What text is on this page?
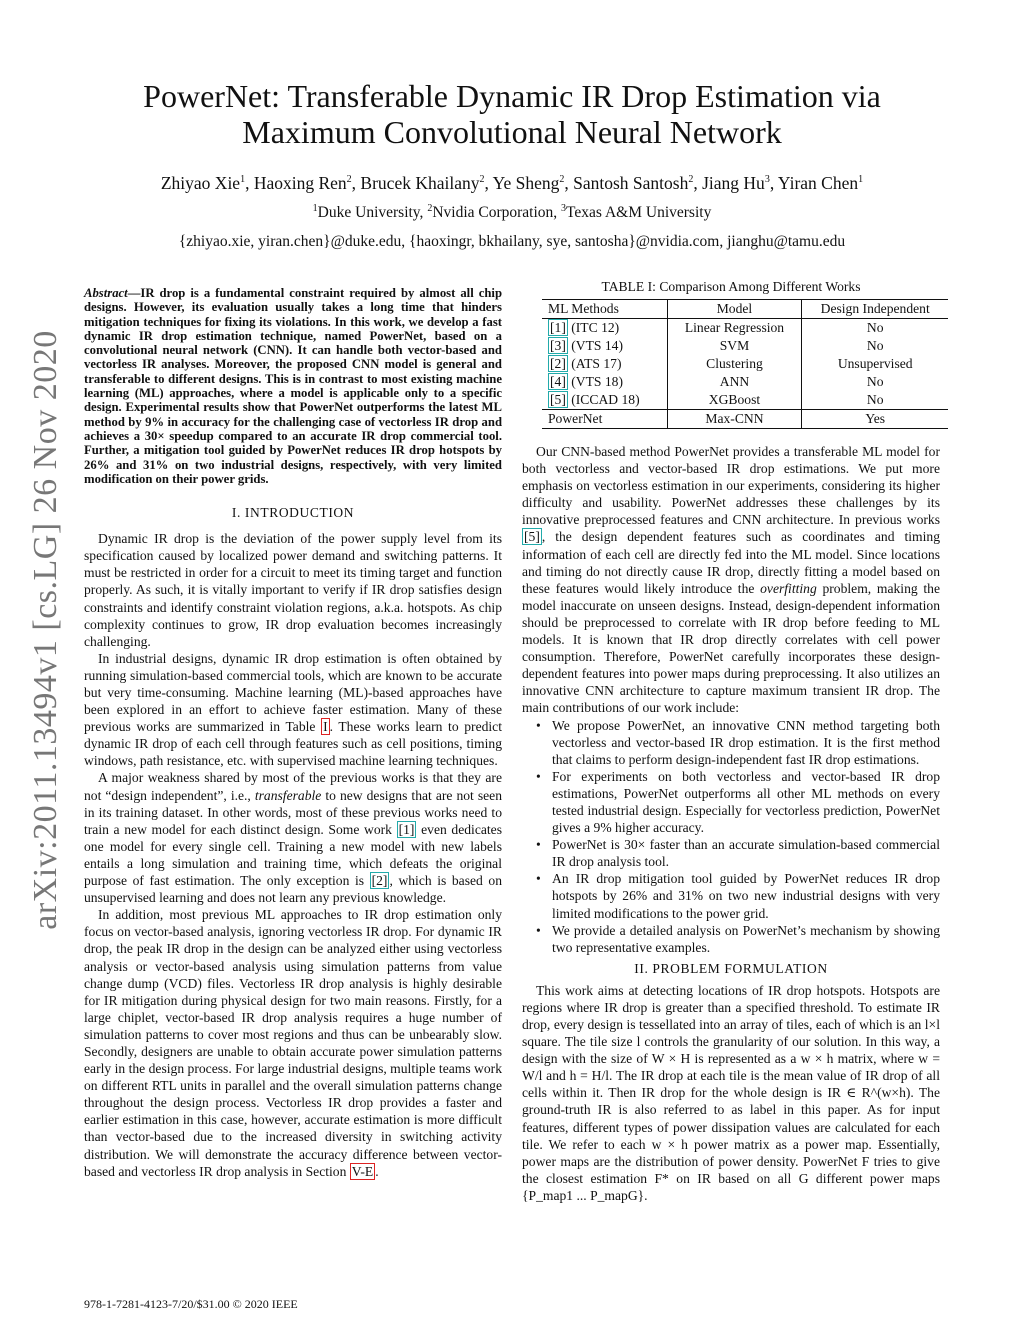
arXiv:2011.13494v1 [cs.LG] 26 Nov 2020
PowerNet: Transferable Dynamic IR Drop Estimation via
Maximum Convolutional Neural Network
Zhiyao Xie$^1$, Haoxing Ren$^2$, Brucek Khailany$^2$, Ye Sheng$^2$, Santosh Santosh$^2$, Jiang Hu$^3$, Yiran Chen$^1$
$^1$Duke University, $^2$Nvidia Corporation, $^3$Texas A&M University
{zhiyao.xie, yiran.chen}@duke.edu, {haoxingr, bkhailany, sye, santosha}@nvidia.com, jianghu@tamu.edu

Abstract—IR drop is a fundamental constraint required by almost all chip designs. However, its evaluation usually takes a long time that hinders mitigation techniques for fixing its violations. In this work, we develop a fast dynamic IR drop estimation technique, named PowerNet, based on a convolutional neural network (CNN). It can handle both vector-based and vectorless IR analyses. Moreover, the proposed CNN model is general and transferable to different designs. This is in contrast to most existing machine learning (ML) approaches, where a model is applicable only to a specific design. Experimental results show that PowerNet outperforms the latest ML method by 9% in accuracy for the challenging case of vectorless IR drop and achieves a 30× speedup compared to an accurate IR drop commercial tool. Further, a mitigation tool guided by PowerNet reduces IR drop hotspots by 26% and 31% on two industrial designs, respectively, with very limited modification on their power grids.

I. INTRODUCTION

Dynamic IR drop is the deviation of the power supply level from its specification caused by localized power demand and switching patterns. It must be restricted in order for a circuit to meet its timing target and function properly. As such, it is vitally important to verify if IR drop satisfies design constraints and identify constraint violation regions, a.k.a. hotspots. As chip complexity continues to grow, IR drop evaluation becomes increasingly challenging.

In industrial designs, dynamic IR drop estimation is often obtained by running simulation-based commercial tools, which are known to be accurate but very time-consuming. Machine learning (ML)-based approaches have been explored in an effort to achieve faster estimation. Many of these previous works are summarized in Table I . These works learn to predict dynamic IR drop of each cell through features such as cell positions, timing windows, path resistance, etc. with supervised machine learning techniques.

A major weakness shared by most of the previous works is that they are not “design independent”, i.e., transferable to new designs that are not seen in its training dataset. In other words, most of these previous works need to train a new model for each distinct design. Some work [1] even dedicates one model for every single cell. Training a new model with new labels entails a long simulation and training time, which defeats the original purpose of fast estimation. The only exception is [2] , which is based on unsupervised learning and does not learn any previous knowledge.

In addition, most previous ML approaches to IR drop estimation only focus on vector-based analysis, ignoring vectorless IR drop. For dynamic IR drop, the peak IR drop in the design can be analyzed either using vectorless analysis or vector-based analysis using simulation patterns from value change dump (VCD) files. Vectorless IR drop analysis is highly desirable for IR mitigation during physical design for two main reasons. Firstly, for a large chiplet, vector-based IR drop analysis requires a huge number of simulation patterns to cover most regions and thus can be unbearably slow. Secondly, designers are unable to obtain accurate power simulation patterns early in the design process. For large industrial designs, multiple teams work on different RTL units in parallel and the overall simulation patterns change throughout the design process. Vectorless IR drop provides a faster and earlier estimation in this case, however, accurate estimation is more difficult than vector-based due to the increased diversity in switching activity distribution. We will demonstrate the accuracy difference between vector-based and vectorless IR drop analysis in Section V-E .

TABLE I: Comparison Among Different Works

ML Methods	Model	Design Independent
[1] (ITC 12)	Linear Regression	No
[3] (VTS 14)	SVM	No
[2] (ATS 17)	Clustering	Unsupervised
[4] (VTS 18)	ANN	No
[5] (ICCAD 18)	XGBoost	No
PowerNet	Max-CNN	Yes

Our CNN-based method PowerNet provides a transferable ML model for both vectorless and vector-based IR drop estimations. We put more emphasis on vectorless estimation in our experiments, considering its higher difficulty and usability. PowerNet addresses these challenges by its innovative preprocessed features and CNN architecture. In previous works [5] , the design dependent features such as coordinates and timing information of each cell are directly fed into the ML model. Since locations and timing do not directly cause IR drop, directly fitting a model based on these features would likely introduce the overfitting problem, making the model inaccurate on unseen designs. Instead, design-dependent information should be preprocessed to correlate with IR drop before feeding to ML models. It is known that IR drop directly correlates with cell power consumption. Therefore, PowerNet carefully incorporates these design-dependent features into power maps during preprocessing. It also utilizes an innovative CNN architecture to capture maximum transient IR drop. The main contributions of our work include:

• We propose PowerNet, an innovative CNN method targeting both vectorless and vector-based IR drop estimation. It is the first method that claims to perform design-independent fast IR drop estimations.
• For experiments on both vectorless and vector-based IR drop estimations, PowerNet outperforms all other ML methods on every tested industrial design. Especially for vectorless prediction, PowerNet gives a 9% higher accuracy.
• PowerNet is 30× faster than an accurate simulation-based commercial IR drop analysis tool.
• An IR drop mitigation tool guided by PowerNet reduces IR drop hotspots by 26% and 31% on two new industrial designs with very limited modifications to the power grid.
• We provide a detailed analysis on PowerNet’s mechanism by showing two representative examples.

II. PROBLEM FORMULATION

This work aims at detecting locations of IR drop hotspots. Hotspots are regions where IR drop is greater than a specified threshold. To estimate IR drop, every design is tessellated into an array of tiles, each of which is an l×l square. The tile size l controls the granularity of our solution. In this way, a design with the size of W × H is represented as a w × h matrix, where w = W/l and h = H/l. The IR drop at each tile is the mean value of IR drop of all cells within it. Then IR drop for the whole design is IR ∈ R^(w×h). The ground-truth IR is also referred to as label in this paper. As for input features, different types of power dissipation values are calculated for each tile. We refer to each w × h power matrix as a power map. Essentially, power maps are the distribution of power density. PowerNet F tries to give the closest estimation F* on IR based on all G different power maps {P_map1 ... P_mapG}.

978-1-7281-4123-7/20/$31.00 © 2020 IEEE
